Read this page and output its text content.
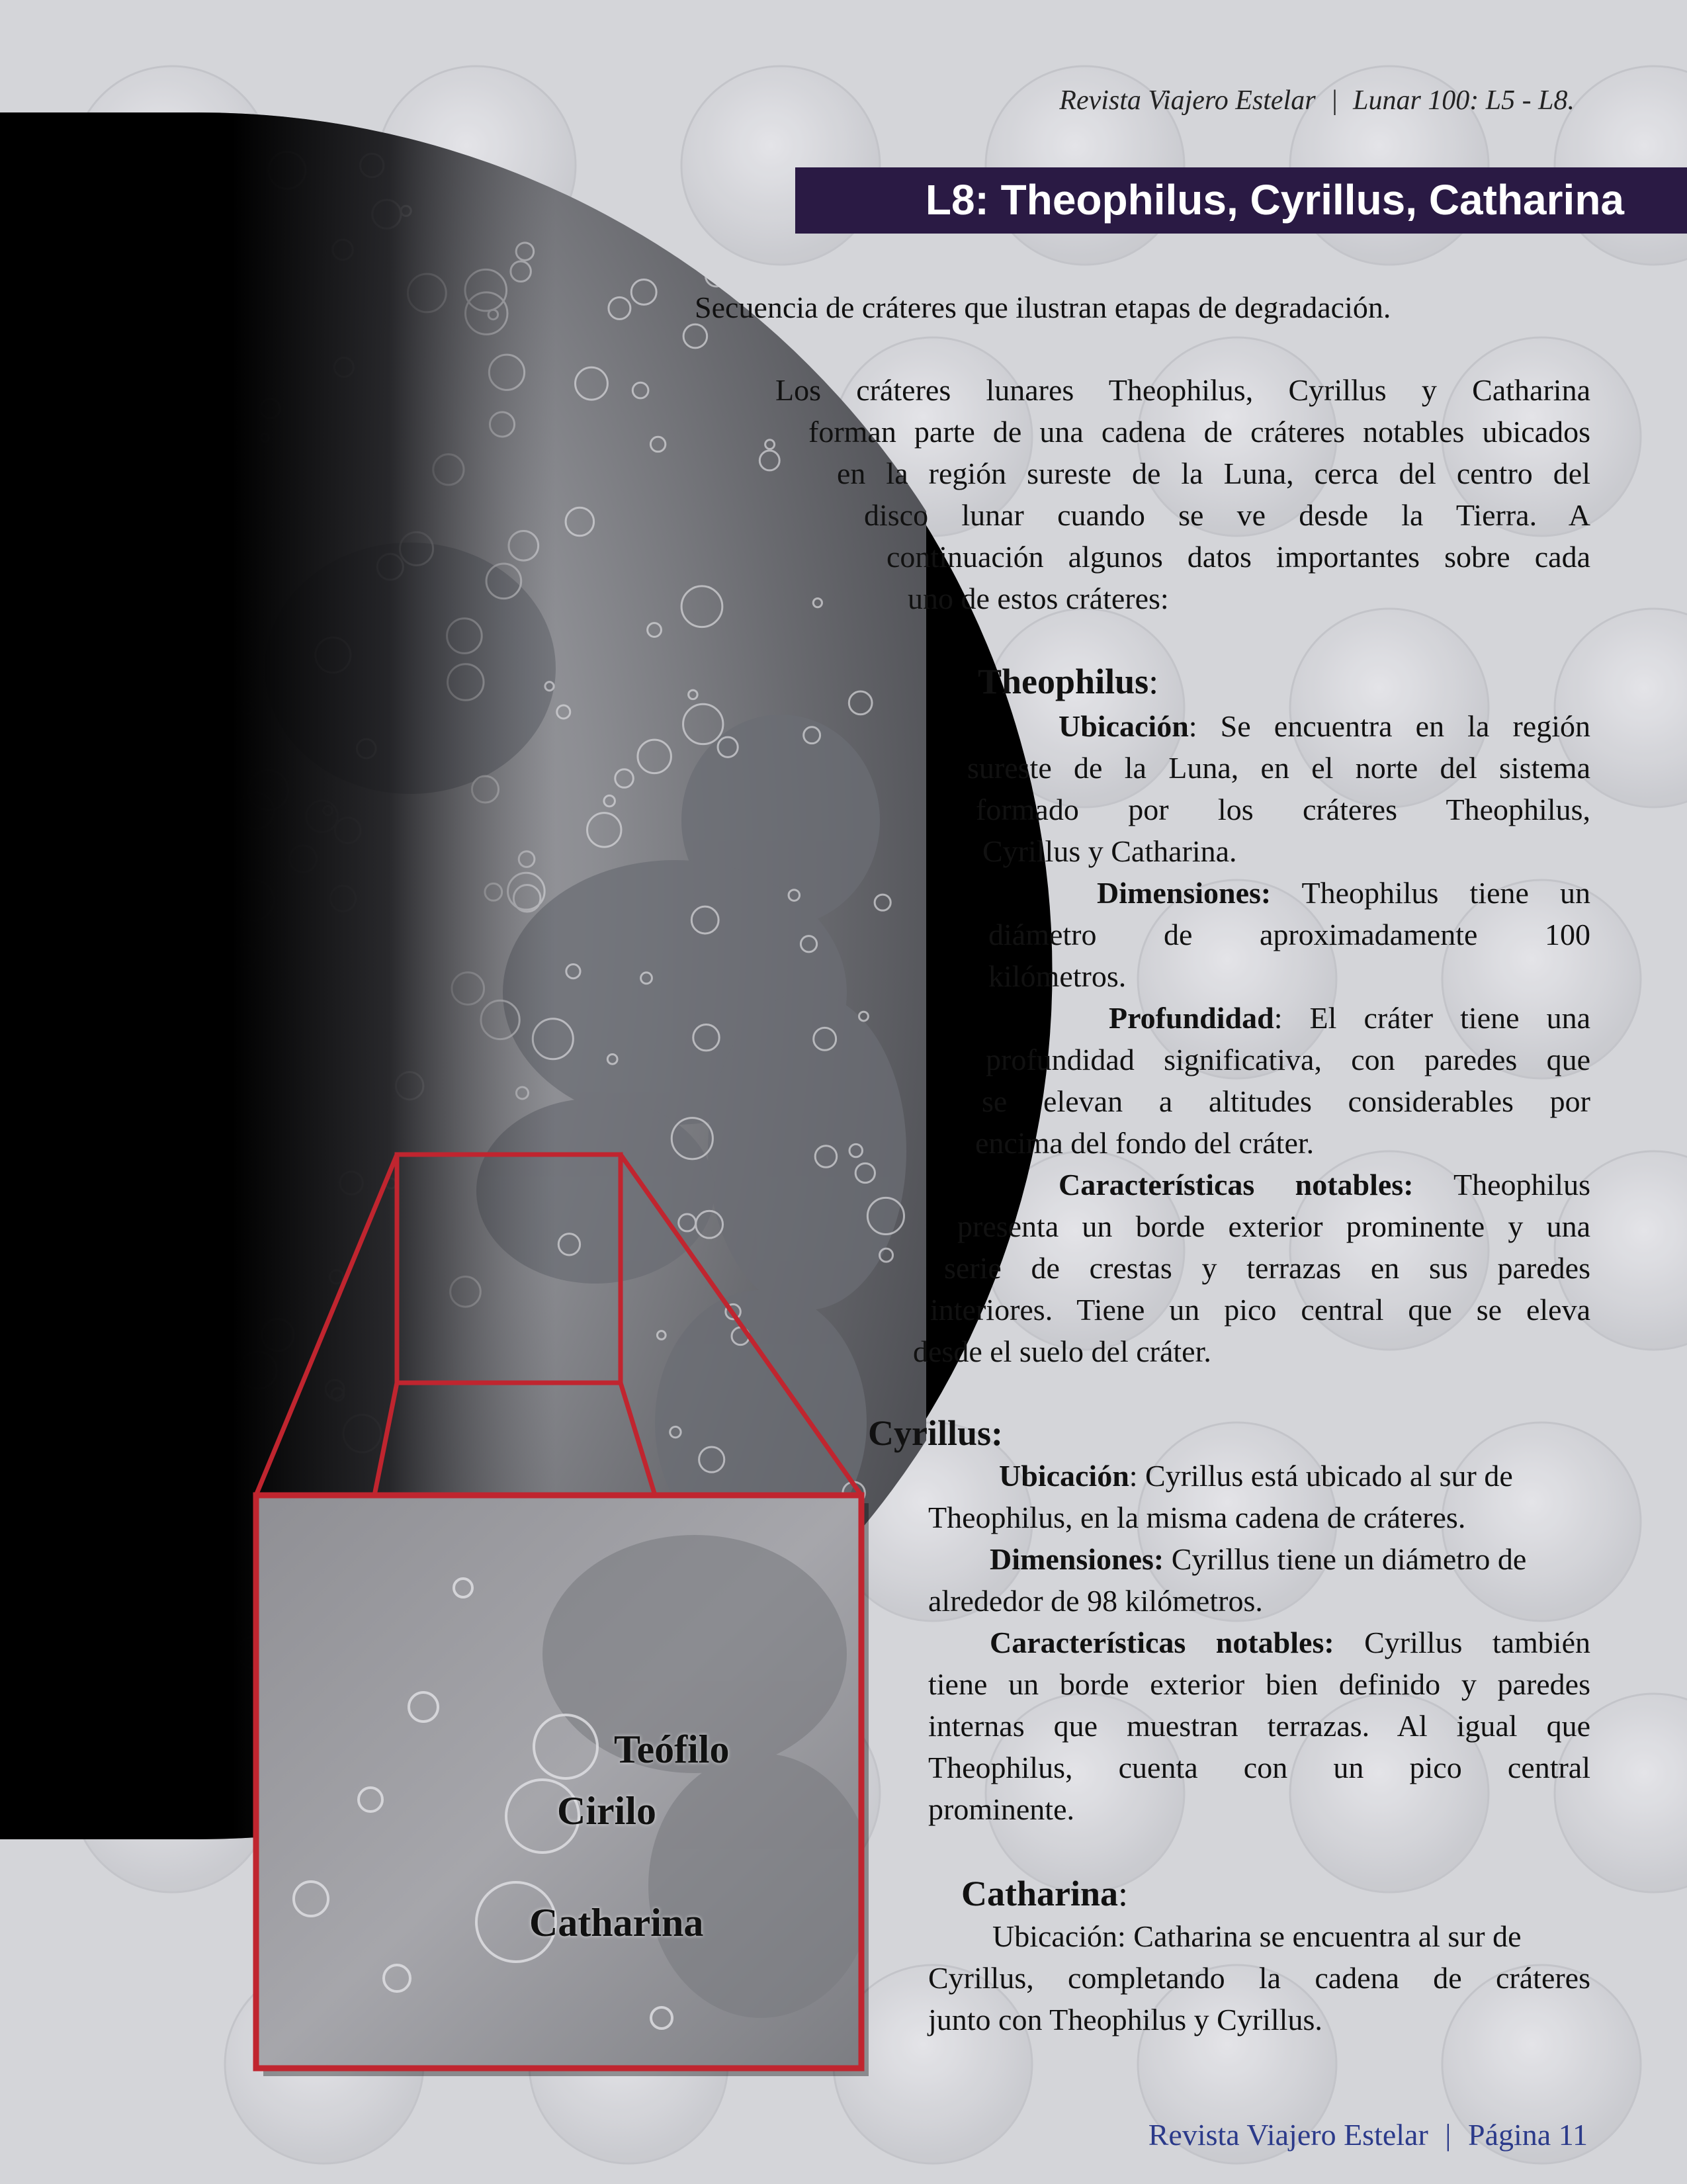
Revista Viajero Estelar | Lunar 100: L5 - L8.
L8: Theophilus, Cyrillus, Catharina

Secuencia de cráteres que ilustran etapas de degradación.

Los cráteres lunares Theophilus, Cyrillus y Catharina
forman parte de una cadena de cráteres notables ubicados
en la región sureste de la Luna, cerca del centro del
disco lunar cuando se ve desde la Tierra. A
continuación algunos datos importantes sobre cada
uno de estos cráteres:
Theophilus:
Ubicación: Se encuentra en la región
sureste de la Luna, en el norte del sistema
formado por los cráteres Theophilus,
Cyrillus y Catharina.
Dimensiones: Theophilus tiene un
diámetro de aproximadamente 100
kilómetros.
Profundidad: El cráter tiene una
profundidad significativa, con paredes que
se elevan a altitudes considerables por
encima del fondo del cráter.
Características notables: Theophilus
presenta un borde exterior prominente y una
serie de crestas y terrazas en sus paredes
interiores. Tiene un pico central que se eleva
desde el suelo del cráter.
Cyrillus:
Ubicación: Cyrillus está ubicado al sur de
Theophilus, en la misma cadena de cráteres.
Dimensiones: Cyrillus tiene un diámetro de
alrededor de 98 kilómetros.
Características notables: Cyrillus también
tiene un borde exterior bien definido y paredes
internas que muestran terrazas. Al igual que
Theophilus, cuenta con un pico central
prominente.
Catharina:
Ubicación: Catharina se encuentra al sur de
Cyrillus, completando la cadena de cráteres
junto con Theophilus y Cyrillus.
Teófilo
Cirilo
Catharina
Revista Viajero Estelar | Página 11
